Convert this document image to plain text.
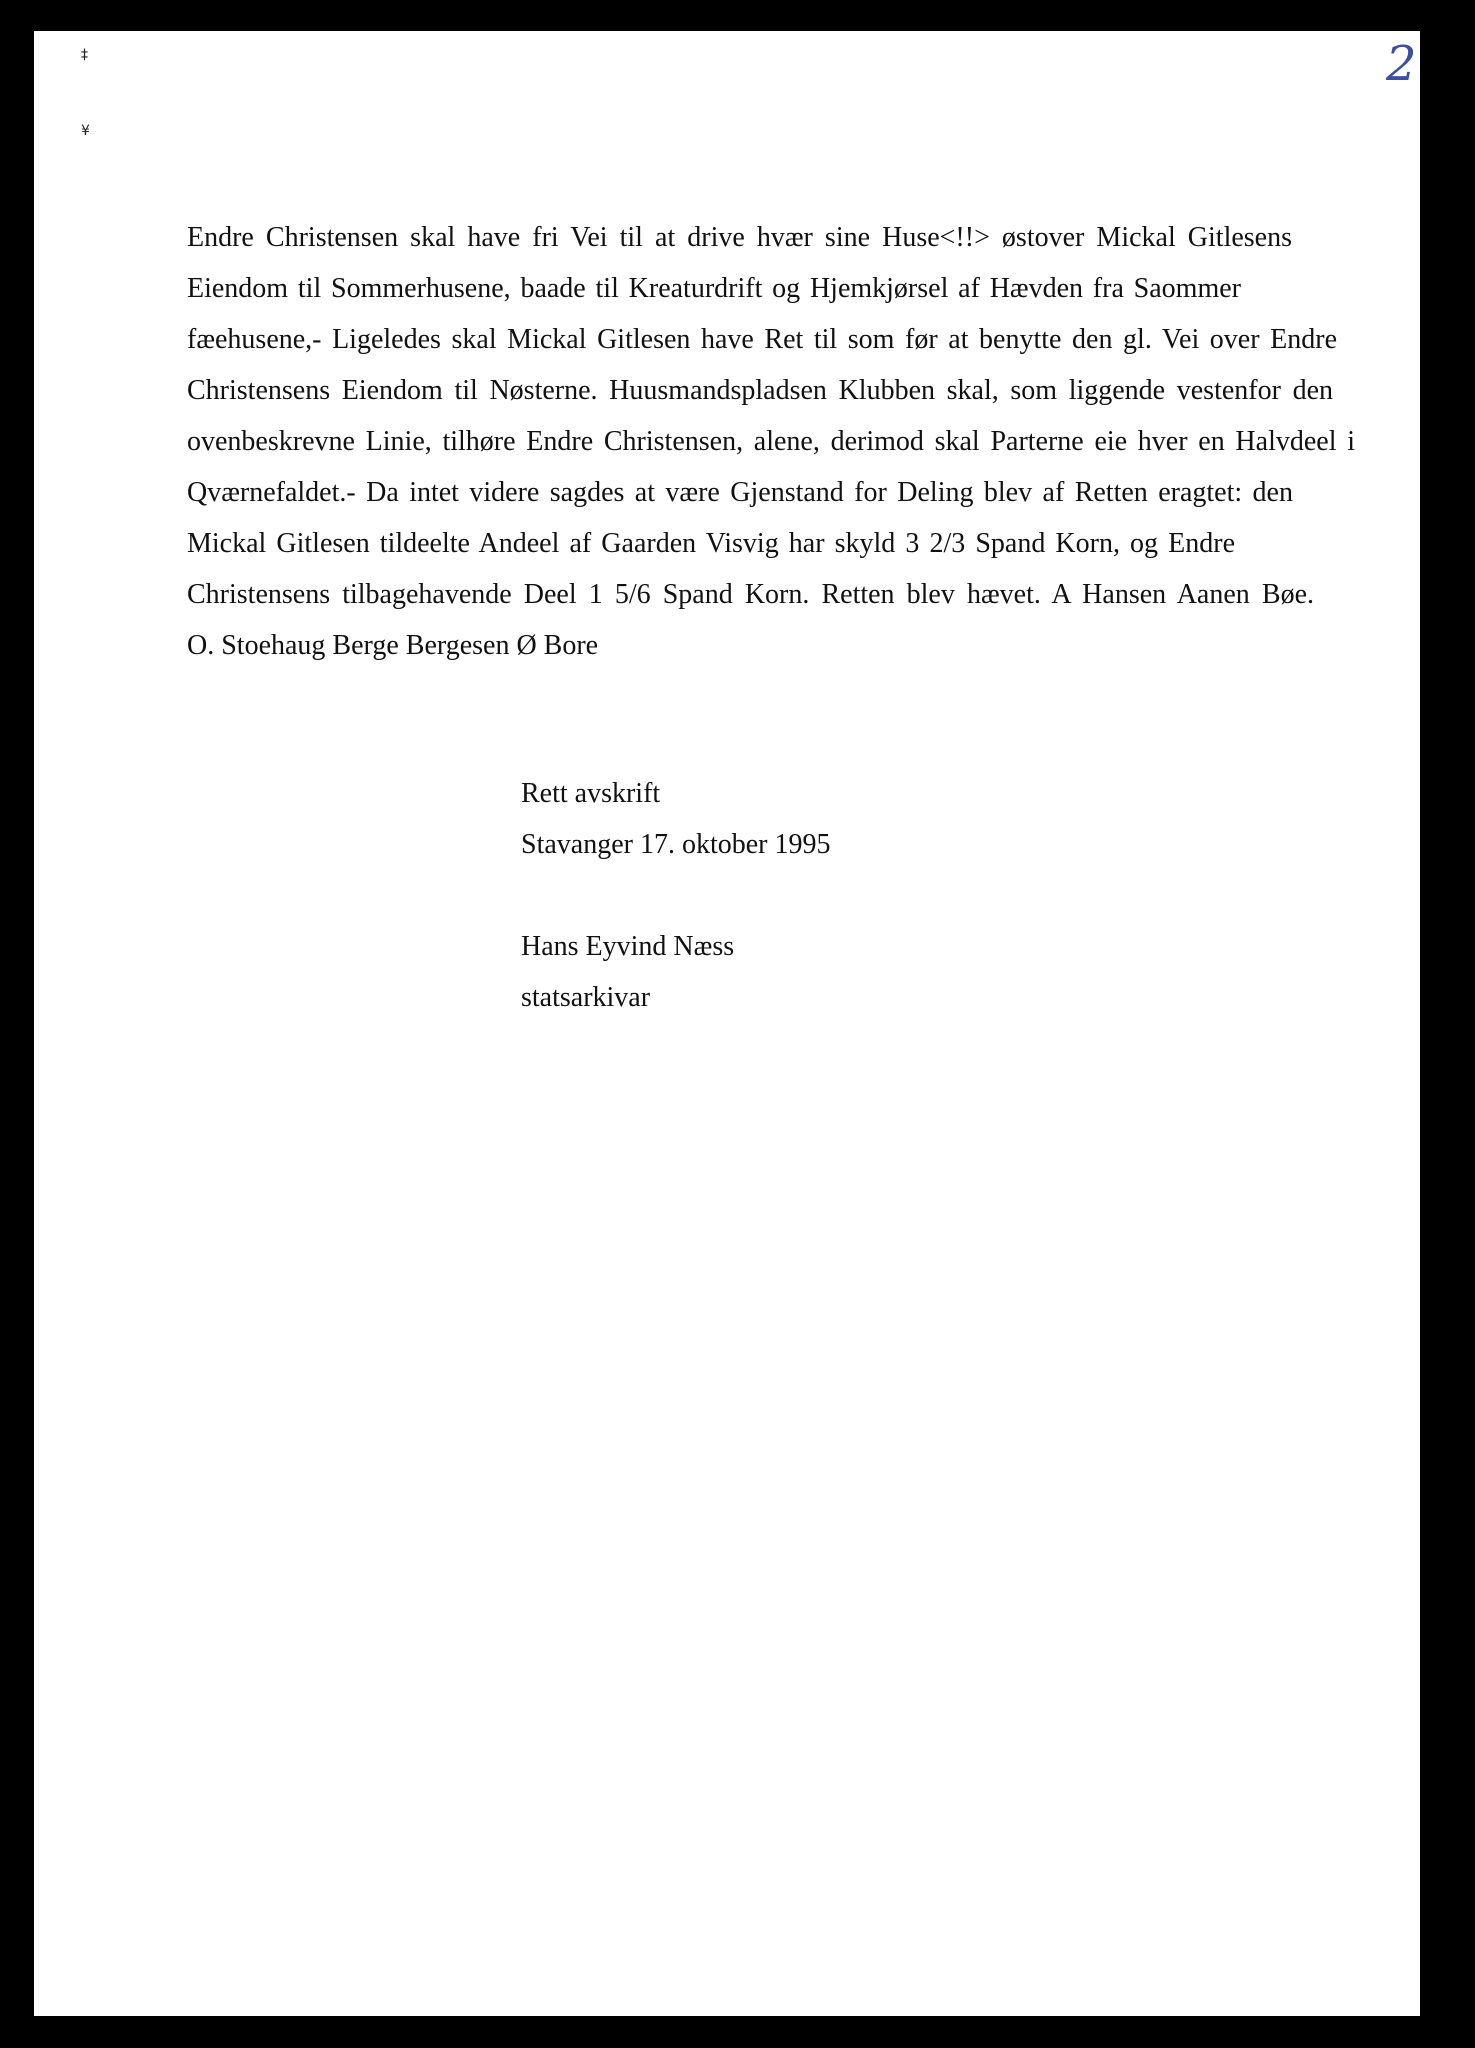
‡
¥
2
Endre Christensen skal have fri Vei til at drive hvær sine Huse<!!> østover Mickal Gitlesens
Eiendom til Sommerhusene, baade til Kreaturdrift og Hjemkjørsel af Hævden fra Saommer
fæehusene,- Ligeledes skal Mickal Gitlesen have Ret til som før at benytte den gl. Vei over Endre
Christensens Eiendom til Nøsterne. Huusmandspladsen Klubben skal, som liggende vestenfor den
ovenbeskrevne Linie, tilhøre Endre Christensen, alene, derimod skal Parterne eie hver en Halvdeel i
Qværnefaldet.- Da intet videre sagdes at være Gjenstand for Deling blev af Retten eragtet: den
Mickal Gitlesen tildeelte Andeel af Gaarden Visvig har skyld 3 2/3 Spand Korn, og Endre
Christensens tilbagehavende Deel 1 5/6 Spand Korn. Retten blev hævet. A Hansen Aanen Bøe.
O. Stoehaug Berge Bergesen Ø Bore
Rett avskrift
Stavanger 17. oktober 1995
Hans Eyvind Næss
statsarkivar
